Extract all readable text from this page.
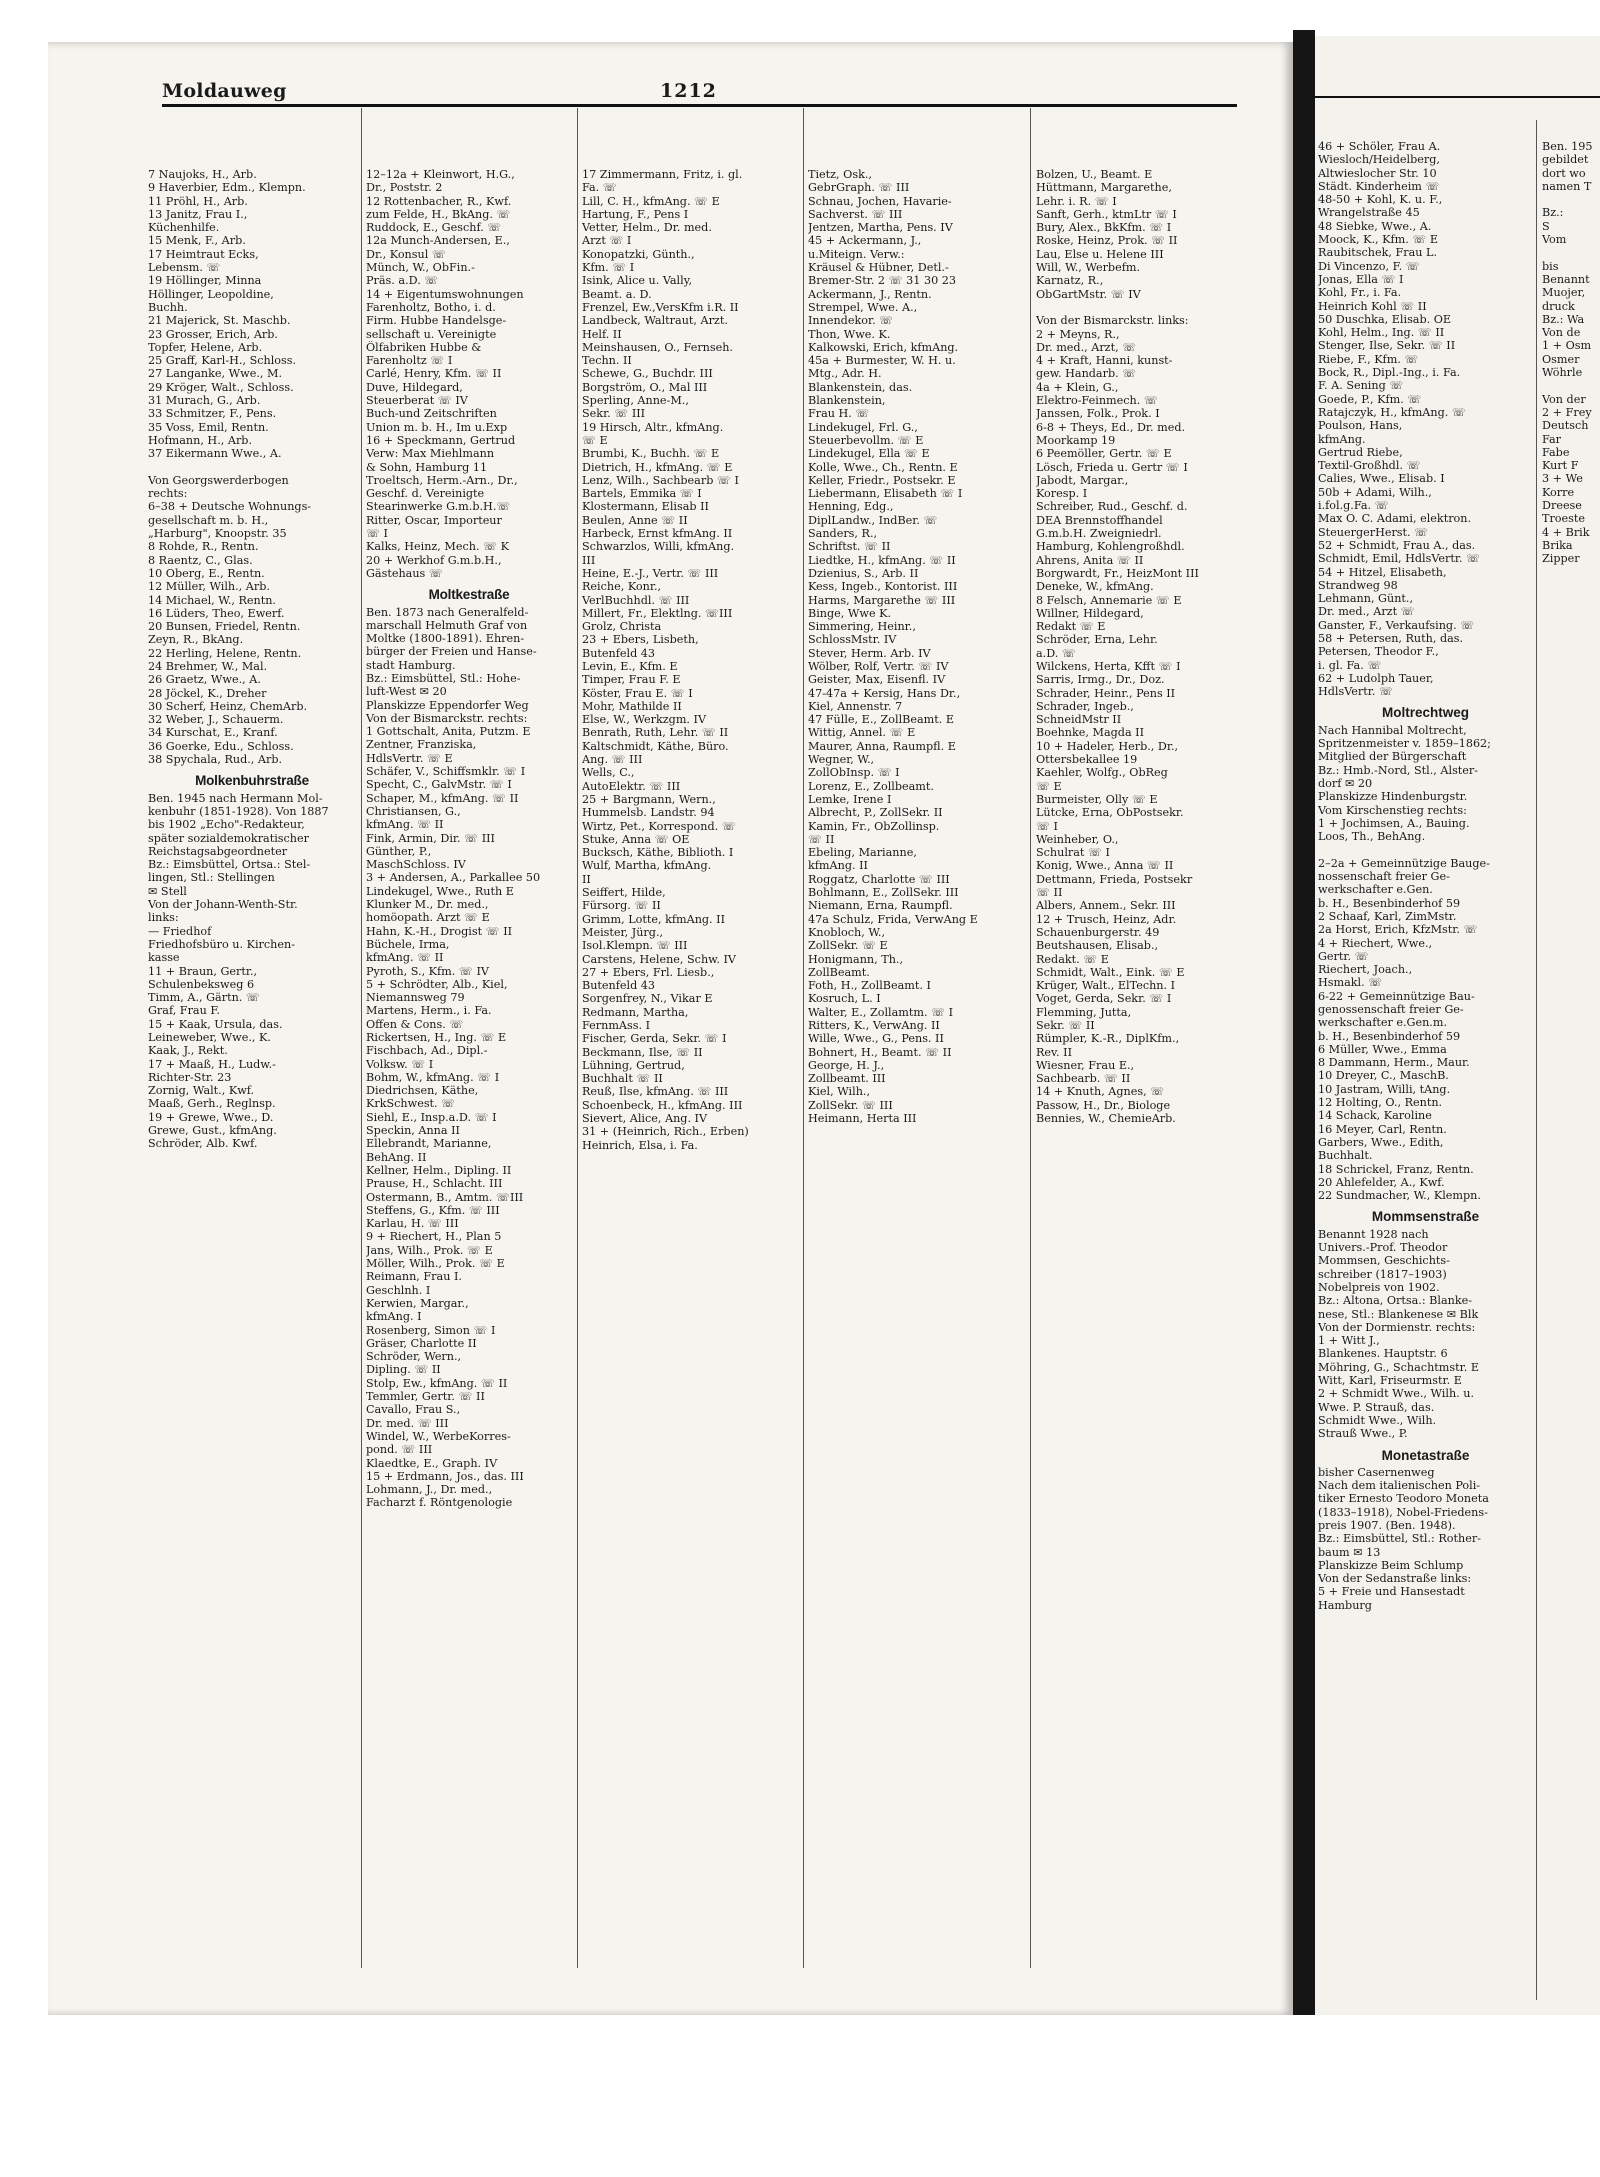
Moldauweg	1212
7 Naujoks, H., Arb.
9 Haverbier, Edm., Klempn.
11 Pröhl, H., Arb.
13 Janitz, Frau I.,
Küchenhilfe.
15 Menk, F., Arb.
17 Heimtraut Ecks,
Lebensm. ☏
19 Höllinger, Minna
Höllinger, Leopoldine,
Buchh.
21 Majerick, St. Maschb.
23 Grosser, Erich, Arb.
Topfer, Helene, Arb.
25 Graff, Karl-H., Schloss.
27 Langanke, Wwe., M.
29 Kröger, Walt., Schloss.
31 Murach, G., Arb.
33 Schmitzer, F., Pens.
35 Voss, Emil, Rentn.
Hofmann, H., Arb.
37 Eikermann Wwe., A.

Von Georgswerderbogen
rechts:
6–38 + Deutsche Wohnungs-
gesellschaft m. b. H.,
„Harburg", Knoopstr. 35
8 Rohde, R., Rentn.
8 Raentz, C., Glas.
10 Oberg, E., Rentn.
12 Müller, Wilh., Arb.
14 Michael, W., Rentn.
16 Lüders, Theo, Ewerf.
20 Bunsen, Friedel, Rentn.
Zeyn, R., BkAng.
22 Herling, Helene, Rentn.
24 Brehmer, W., Mal.
26 Graetz, Wwe., A.
28 Jöckel, K., Dreher
30 Scherf, Heinz, ChemArb.
32 Weber, J., Schauerm.
34 Kurschat, E., Kranf.
36 Goerke, Edu., Schloss.
38 Spychala, Rud., Arb.
Molkenbuhrstraße
Ben. 1945 nach Hermann Mol-
kenbuhr (1851-1928). Von 1887
bis 1902 „Echo"-Redakteur,
später sozialdemokratischer
Reichstagsabgeordneter
Bz.: Eimsbüttel, Ortsa.: Stel-
lingen, Stl.: Stellingen
✉ Stell
Von der Johann-Wenth-Str.
links:
— Friedhof
Friedhofsbüro u. Kirchen-
kasse
11 + Braun, Gertr.,
Schulenbeksweg 6
Timm, A., Gärtn. ☏
Graf, Frau F.
15 + Kaak, Ursula, das.
Leineweber, Wwe., K.
Kaak, J., Rekt.
17 + Maaß, H., Ludw.-
Richter-Str. 23
Zornig, Walt., Kwf.
Maaß, Gerh., Reglnsp.
19 + Grewe, Wwe., D.
Grewe, Gust., kfmAng.
Schröder, Alb. Kwf.
12–12a + Kleinwort, H.G.,
Dr., Poststr. 2
12 Rottenbacher, R., Kwf.
zum Felde, H., BkAng. ☏
Ruddock, E., Geschf. ☏
12a Munch-Andersen, E.,
Dr., Konsul ☏
Münch, W., ObFin.-
Präs. a.D. ☏
14 + Eigentumswohnungen
Farenholtz, Botho, i. d.
Firm. Hubbe Handelsge-
sellschaft u. Vereinigte
Ölfabriken Hubbe &
Farenholtz ☏ I
Carlé, Henry, Kfm. ☏ II
Duve, Hildegard,
Steuerberat ☏ IV
Buch-und Zeitschriften
Union m. b. H., Im u.Exp
16 + Speckmann, Gertrud
Verw: Max Miehlmann
& Sohn, Hamburg 11
Troeltsch, Herm.-Arn., Dr.,
Geschf. d. Vereinigte
Stearinwerke G.m.b.H.☏
Ritter, Oscar, Importeur
☏ I
Kalks, Heinz, Mech. ☏ K
20 + Werkhof G.m.b.H.,
Gästehaus ☏
Moltkestraße
Ben. 1873 nach Generalfeld-
marschall Helmuth Graf von
Moltke (1800-1891). Ehren-
bürger der Freien und Hanse-
stadt Hamburg.
Bz.: Eimsbüttel, Stl.: Hohe-
luft-West ✉ 20
Planskizze Eppendorfer Weg
Von der Bismarckstr. rechts:
1 Gottschalt, Anita, Putzm. E
Zentner, Franziska,
HdlsVertr. ☏ E
Schäfer, V., Schiffsmklr. ☏ I
Specht, C., GalvMstr. ☏ I
Schaper, M., kfmAng. ☏ II
Christiansen, G.,
kfmAng. ☏ II
Fink, Armin, Dir. ☏ III
Günther, P.,
MaschSchloss. IV
3 + Andersen, A., Parkallee 50
Lindekugel, Wwe., Ruth E
Klunker M., Dr. med.,
homöopath. Arzt ☏ E
Hahn, K.-H., Drogist ☏ II
Büchele, Irma,
kfmAng. ☏ II
Pyroth, S., Kfm. ☏ IV
5 + Schrödter, Alb., Kiel,
Niemannsweg 79
Martens, Herm., i. Fa.
Offen & Cons. ☏
Rickertsen, H., Ing. ☏ E
Fischbach, Ad., Dipl.-
Volksw. ☏ I
Bohm, W., kfmAng. ☏ I
Diedrichsen, Käthe,
KrkSchwest. ☏
Siehl, E., Insp.a.D. ☏ I
Speckin, Anna II
Ellebrandt, Marianne,
BehAng. II
Kellner, Helm., Dipling. II
Prause, H., Schlacht. III
Ostermann, B., Amtm. ☏III
Steffens, G., Kfm. ☏ III
Karlau, H. ☏ III
9 + Riechert, H., Plan 5
Jans, Wilh., Prok. ☏ E
Möller, Wilh., Prok. ☏ E
Reimann, Frau I.
Geschlnh. I
Kerwien, Margar.,
kfmAng. I
Rosenberg, Simon ☏ I
Gräser, Charlotte II
Schröder, Wern.,
Dipling. ☏ II
Stolp, Ew., kfmAng. ☏ II
Temmler, Gertr. ☏ II
Cavallo, Frau S.,
Dr. med. ☏ III
Windel, W., WerbeKorres-
pond. ☏ III
Klaedtke, E., Graph. IV
15 + Erdmann, Jos., das. III
Lohmann, J., Dr. med.,
Facharzt f. Röntgenologie
17 Zimmermann, Fritz, i. gl.
Fa. ☏
Lill, C. H., kfmAng. ☏ E
Hartung, F., Pens I
Vetter, Helm., Dr. med.
Arzt ☏ I
Konopatzki, Günth.,
Kfm. ☏ I
Isink, Alice u. Vally,
Beamt. a. D.
Frenzel, Ew.,VersKfm i.R. II
Landbeck, Waltraut, Arzt.
Helf. II
Meinshausen, O., Fernseh.
Techn. II
Schewe, G., Buchdr. III
Borgström, O., Mal III
Sperling, Anne-M.,
Sekr. ☏ III
19 Hirsch, Altr., kfmAng.
☏ E
Brumbi, K., Buchh. ☏ E
Dietrich, H., kfmAng. ☏ E
Lenz, Wilh., Sachbearb ☏ I
Bartels, Emmika ☏ I
Klostermann, Elisab II
Beulen, Anne ☏ II
Harbeck, Ernst kfmAng. II
Schwarzlos, Willi, kfmAng.
III
Heine, E.-J., Vertr. ☏ III
Reiche, Konr.,
VerlBuchhdl. ☏ III
Millert, Fr., Elektlng. ☏III
Grolz, Christa
23 + Ebers, Lisbeth,
Butenfeld 43
Levin, E., Kfm. E
Timper, Frau F. E
Köster, Frau E. ☏ I
Mohr, Mathilde II
Else, W., Werkzgm. IV
Benrath, Ruth, Lehr. ☏ II
Kaltschmidt, Käthe, Büro.
Ang. ☏ III
Wells, C.,
AutoElektr. ☏ III
25 + Bargmann, Wern.,
Hummelsb. Landstr. 94
Wirtz, Pet., Korrespond. ☏
Stuke, Anna ☏ OE
Bucksch, Käthe, Biblioth. I
Wulf, Martha, kfmAng.
II
Seiffert, Hilde,
Fürsorg. ☏ II
Grimm, Lotte, kfmAng. II
Meister, Jürg.,
Isol.Klempn. ☏ III
Carstens, Helene, Schw. IV
27 + Ebers, Frl. Liesb.,
Butenfeld 43
Sorgenfrey, N., Vikar E
Redmann, Martha,
FernmAss. I
Fischer, Gerda, Sekr. ☏ I
Beckmann, Ilse, ☏ II
Lühning, Gertrud,
Buchhalt ☏ II
Reuß, Ilse, kfmAng. ☏ III
Schoenbeck, H., kfmAng. III
Sievert, Alice, Ang. IV
31 + (Heinrich, Rich., Erben)
Heinrich, Elsa, i. Fa.
Tietz, Osk.,
GebrGraph. ☏ III
Schnau, Jochen, Havarie-
Sachverst. ☏ III
Jentzen, Martha, Pens. IV
45 + Ackermann, J.,
u.Miteign. Verw.:
Kräusel & Hübner, Detl.-
Bremer-Str. 2 ☏ 31 30 23
Ackermann, J., Rentn.
Strempel, Wwe. A.,
Innendekor. ☏
Thon, Wwe. K.
Kalkowski, Erich, kfmAng.
45a + Burmester, W. H. u.
Mtg., Adr. H.
Blankenstein, das.
Blankenstein,
Frau H. ☏
Lindekugel, Frl. G.,
Steuerbevollm. ☏ E
Lindekugel, Ella ☏ E
Kolle, Wwe., Ch., Rentn. E
Keller, Friedr., Postsekr. E
Liebermann, Elisabeth ☏ I
Henning, Edg.,
DiplLandw., IndBer. ☏
Sanders, R.,
Schriftst. ☏ II
Liedtke, H., kfmAng. ☏ II
Dzienius, S., Arb. II
Kess, Ingeb., Kontorist. III
Harms, Margarethe ☏ III
Binge, Wwe K.
Simmering, Heinr.,
SchlossMstr. IV
Stever, Herm. Arb. IV
Wölber, Rolf, Vertr. ☏ IV
Geister, Max, Eisenfl. IV
47-47a + Kersig, Hans Dr.,
Kiel, Annenstr. 7
47 Fülle, E., ZollBeamt. E
Wittig, Annel. ☏ E
Maurer, Anna, Raumpfl. E
Wegner, W.,
ZollObInsp. ☏ I
Lorenz, E., Zollbeamt.
Lemke, Irene I
Albrecht, P., ZollSekr. II
Kamin, Fr., ObZollinsp.
☏ II
Ebeling, Marianne,
kfmAng. II
Roggatz, Charlotte ☏ III
Bohlmann, E., ZollSekr. III
Niemann, Erna, Raumpfl.
47a Schulz, Frida, VerwAng E
Knobloch, W.,
ZollSekr. ☏ E
Honigmann, Th.,
ZollBeamt.
Foth, H., ZollBeamt. I
Kosruch, L. I
Walter, E., Zollamtm. ☏ I
Ritters, K., VerwAng. II
Wille, Wwe., G., Pens. II
Bohnert, H., Beamt. ☏ II
George, H. J.,
Zollbeamt. III
Kiel, Wilh.,
ZollSekr. ☏ III
Heimann, Herta III
Bolzen, U., Beamt. E
Hüttmann, Margarethe,
Lehr. i. R. ☏ I
Sanft, Gerh., ktmLtr ☏ I
Bury, Alex., BkKfm. ☏ I
Roske, Heinz, Prok. ☏ II
Lau, Else u. Helene III
Will, W., Werbefm.
Karnatz, R.,
ObGartMstr. ☏ IV

Von der Bismarckstr. links:
2 + Meyns, R.,
Dr. med., Arzt, ☏
4 + Kraft, Hanni, kunst-
gew. Handarb. ☏
4a + Klein, G.,
Elektro-Feinmech. ☏
Janssen, Folk., Prok. I
6-8 + Theys, Ed., Dr. med.
Moorkamp 19
6 Peemöller, Gertr. ☏ E
Lösch, Frieda u. Gertr ☏ I
Jabodt, Margar.,
Koresp. I
Schreiber, Rud., Geschf. d.
DEA Brennstoffhandel
G.m.b.H. Zweigniedrl.
Hamburg, Kohlengroßhdl.
Ahrens, Anita ☏ II
Borgwardt, Fr., HeizMont III
Deneke, W., kfmAng.
8 Felsch, Annemarie ☏ E
Willner, Hildegard,
Redakt ☏ E
Schröder, Erna, Lehr.
a.D. ☏
Wilckens, Herta, Kfft ☏ I
Sarris, Irmg., Dr., Doz.
Schrader, Heinr., Pens II
Schrader, Ingeb.,
SchneidMstr II
Boehnke, Magda II
10 + Hadeler, Herb., Dr.,
Ottersbekallee 19
Kaehler, Wolfg., ObReg
☏ E
Burmeister, Olly ☏ E
Lütcke, Erna, ObPostsekr.
☏ I
Weinheber, O.,
Schulrat ☏ I
Konig, Wwe., Anna ☏ II
Dettmann, Frieda, Postsekr
☏ II
Albers, Annem., Sekr. III
12 + Trusch, Heinz, Adr.
Schauenburgerstr. 49
Beutshausen, Elisab.,
Redakt. ☏ E
Schmidt, Walt., Eink. ☏ E
Krüger, Walt., ElTechn. I
Voget, Gerda, Sekr. ☏ I
Flemming, Jutta,
Sekr. ☏ II
Rümpler, K.-R., DiplKfm.,
Rev. II
Wiesner, Frau E.,
Sachbearb. ☏ II
14 + Knuth, Agnes, ☏
Passow, H., Dr., Biologe
Bennies, W., ChemieArb.
46 + Schöler, Frau A.
Wiesloch/Heidelberg,
Altwieslocher Str. 10
Städt. Kinderheim ☏
48-50 + Kohl, K. u. F.,
Wrangelstraße 45
48 Siebke, Wwe., A.
Moock, K., Kfm. ☏ E
Raubitschek, Frau L.
Di Vincenzo, F. ☏
Jonas, Ella ☏ I
Kohl, Fr., i. Fa.
Heinrich Kohl ☏ II
50 Duschka, Elisab. OE
Kohl, Helm., Ing. ☏ II
Stenger, Ilse, Sekr. ☏ II
Riebe, F., Kfm. ☏
Bock, R., Dipl.-Ing., i. Fa.
F. A. Sening ☏
Goede, P., Kfm. ☏
Ratajczyk, H., kfmAng. ☏
Poulson, Hans,
kfmAng.
Gertrud Riebe,
Textil-Großhdl. ☏
Calies, Wwe., Elisab. I
50b + Adami, Wilh.,
i.fol.g.Fa. ☏
Max O. C. Adami, elektron.
SteuergerHerst. ☏
52 + Schmidt, Frau A., das.
Schmidt, Emil, HdlsVertr. ☏
54 + Hitzel, Elisabeth,
Strandweg 98
Lehmann, Günt.,
Dr. med., Arzt ☏
Ganster, F., Verkaufsing. ☏
58 + Petersen, Ruth, das.
Petersen, Theodor F.,
i. gl. Fa. ☏
62 + Ludolph Tauer,
HdlsVertr. ☏
Moltrechtweg
Nach Hannibal Moltrecht,
Spritzenmeister v. 1859–1862;
Mitglied der Bürgerschaft
Bz.: Hmb.-Nord, Stl., Alster-
dorf ✉ 20
Planskizze Hindenburgstr.
Vom Kirschenstieg rechts:
1 + Jochimsen, A., Bauing.
Loos, Th., BehAng.

2–2a + Gemeinnützige Bauge-
nossenschaft freier Ge-
werkschafter e.Gen.
b. H., Besenbinderhof 59
2 Schaaf, Karl, ZimMstr.
2a Horst, Erich, KfzMstr. ☏
4 + Riechert, Wwe.,
Gertr. ☏
Riechert, Joach.,
Hsmakl. ☏
6-22 + Gemeinnützige Bau-
genossenschaft freier Ge-
werkschafter e.Gen.m.
b. H., Besenbinderhof 59
6 Müller, Wwe., Emma
8 Dammann, Herm., Maur.
10 Dreyer, C., MaschB.
10 Jastram, Willi, tAng.
12 Holting, O., Rentn.
14 Schack, Karoline
16 Meyer, Carl, Rentn.
Garbers, Wwe., Edith,
Buchhalt.
18 Schrickel, Franz, Rentn.
20 Ahlefelder, A., Kwf.
22 Sundmacher, W., Klempn.
Mommsenstraße
Benannt 1928 nach
Univers.-Prof. Theodor
Mommsen, Geschichts-
schreiber (1817–1903)
Nobelpreis von 1902.
Bz.: Altona, Ortsa.: Blanke-
nese, Stl.: Blankenese ✉ Blk
Von der Dormienstr. rechts:
1 + Witt J.,
Blankenes. Hauptstr. 6
Möhring, G., Schachtmstr. E
Witt, Karl, Friseurmstr. E
2 + Schmidt Wwe., Wilh. u.
Wwe. P. Strauß, das.
Schmidt Wwe., Wilh.
Strauß Wwe., P.
Monetastraße
bisher Casernenweg
Nach dem italienischen Poli-
tiker Ernesto Teodoro Moneta
(1833–1918), Nobel-Friedens-
preis 1907. (Ben. 1948).
Bz.: Eimsbüttel, Stl.: Rother-
baum ✉ 13
Planskizze Beim Schlump
Von der Sedanstraße links:
5 + Freie und Hansestadt
Hamburg
Ben. 195
gebildet
dort wo
namen T

Bz.:
S
Vom

bis
Benannt
Muojer,
druck
Bz.: Wa
Von de
1 + Osm
Osmer
Wöhrle

Von der
2 + Frey
Deutsch
Far
Fabe
Kurt F
3 + We
Korre
Dreese
Troeste
4 + Brik
Brika
Zipper
